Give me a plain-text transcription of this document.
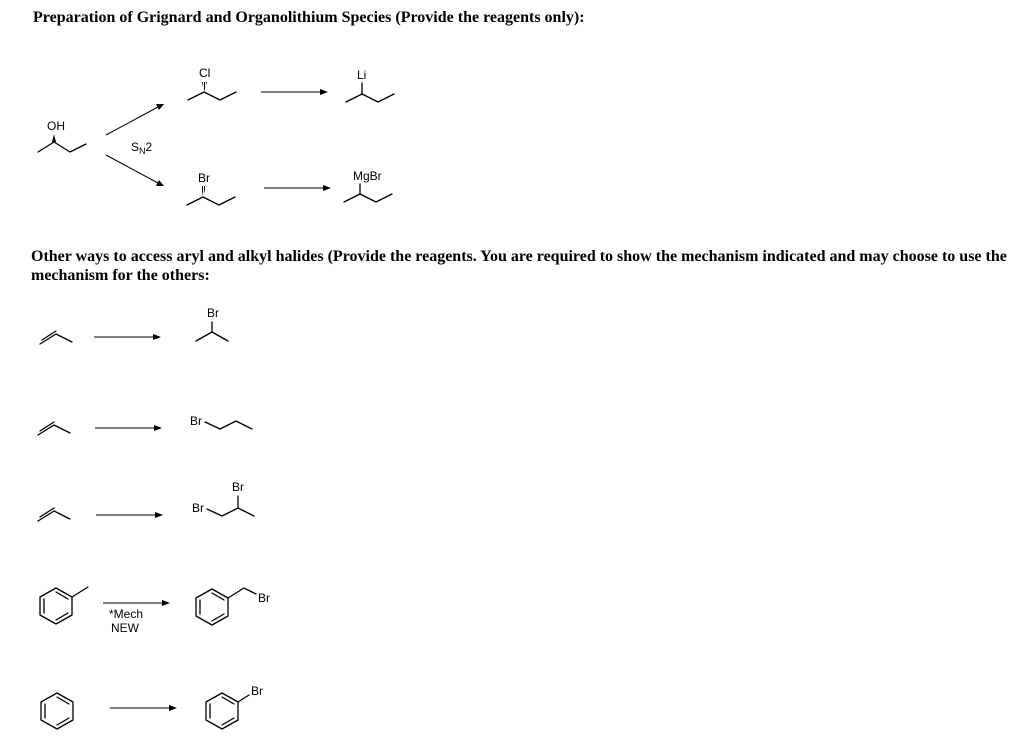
Preparation of Grignard and Organolithium Species (Provide the reagents only):
Other ways to access aryl and alkyl halides (Provide the reagents. You are required to show the mechanism indicated and may choose to use the mechanism for the others:
OH
$S_N2$
Cl	Li
Br	MgBr
Br
Br
Br
Br
*Mech
NEW
Br
Br
